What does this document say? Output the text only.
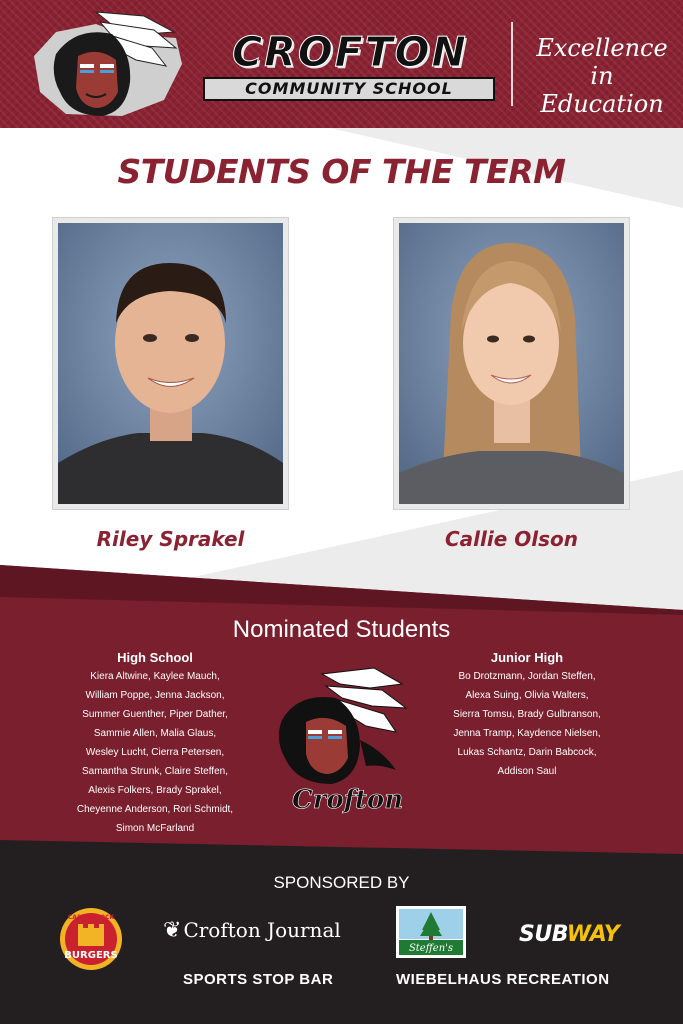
CROFTON
COMMUNITY SCHOOL
Excellence in
Education
STUDENTS OF THE TERM
Riley Sprakel	Callie Olson
Nominated Students
High School
Kiera Altwine, Kaylee Mauch,
William Poppe, Jenna Jackson,
Summer Guenther, Piper Dather,
Sammie Allen, Malia Glaus,
Wesley Lucht, Cierra Petersen,
Samantha Strunk, Claire Steffen,
Alexis Folkers, Brady Sprakel,
Cheyenne Anderson, Rori Schmidt,
Simon McFarland
Junior High
Bo Drotzmann, Jordan Steffen,
Alexa Suing, Olivia Walters,
Sierra Tomsu, Brady Gulbranson,
Jenna Tramp, Kaydence Nielsen,
Lukas Schantz, Darin Babcock,
Addison Saul
Crofton
SPONSORED BY
CASTLE ROCK
BURGERS
❦ Crofton Journal
Steffen's
SUBWAY
SPORTS STOP BAR	WIEBELHAUS RECREATION
